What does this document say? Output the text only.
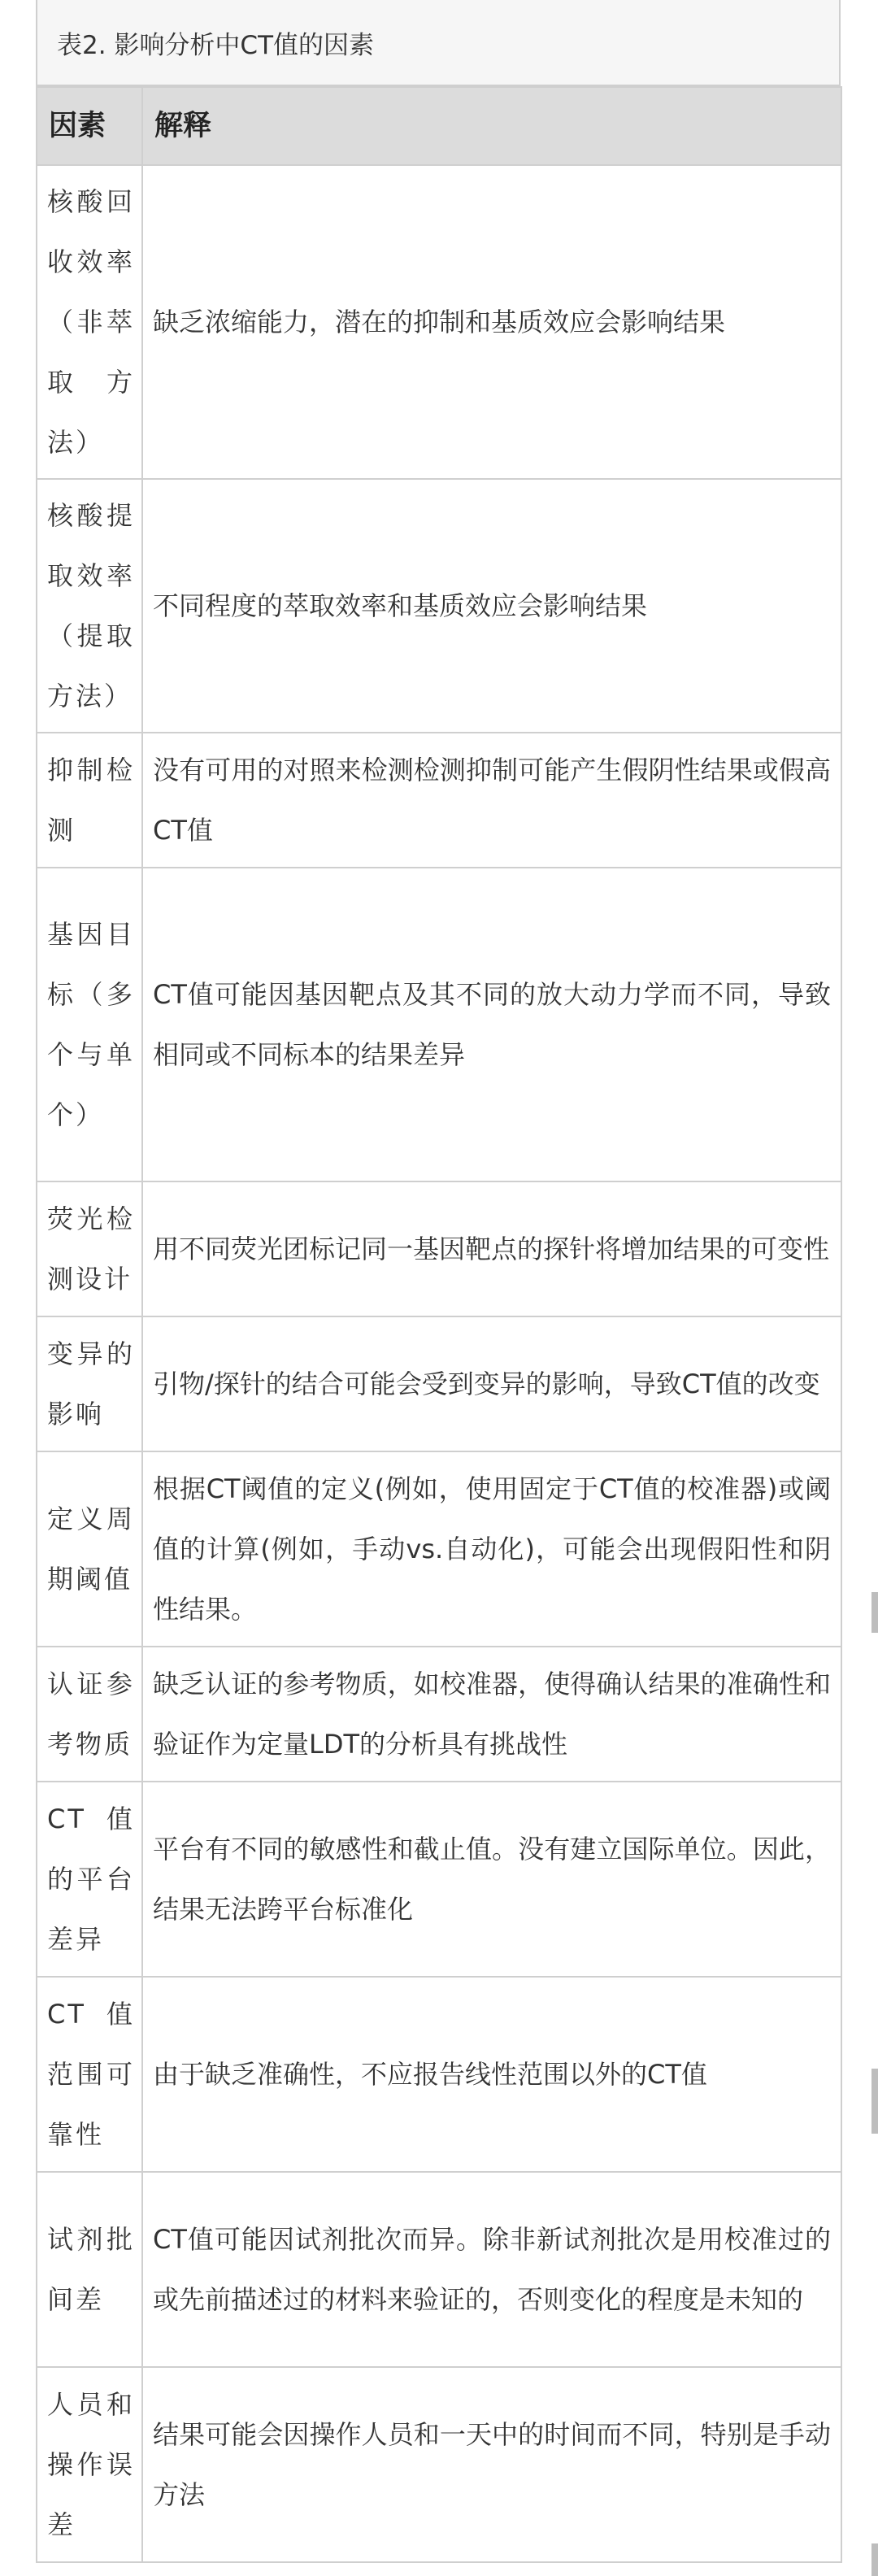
表2. 影响分析中CT值的因素
因素	解释
核酸回收效率（非萃取方法）	缺乏浓缩能力，潜在的抑制和基质效应会影响结果
核酸提取效率（提取方法）	不同程度的萃取效率和基质效应会影响结果
抑制检测	没有可用的对照来检测检测抑制可能产生假阴性结果或假高CT值
基因目标（多个与单个）	CT值可能因基因靶点及其不同的放大动力学而不同，导致相同或不同标本的结果差异
荧光检测设计	用不同荧光团标记同一基因靶点的探针将增加结果的可变性
变异的影响	引物/探针的结合可能会受到变异的影响，导致CT值的改变
定义周期阈值	根据CT阈值的定义(例如，使用固定于CT值的校准器)或阈值的计算(例如，手动vs.自动化)，可能会出现假阳性和阴性结果。
认证参考物质	缺乏认证的参考物质，如校准器，使得确认结果的准确性和验证作为定量LDT的分析具有挑战性
CT 值的平台差异	平台有不同的敏感性和截止值。没有建立国际单位。因此，结果无法跨平台标准化
CT 值范围可靠性	由于缺乏准确性，不应报告线性范围以外的CT值
试剂批间差	CT值可能因试剂批次而异。除非新试剂批次是用校准过的或先前描述过的材料来验证的，否则变化的程度是未知的
人员和操作误差	结果可能会因操作人员和一天中的时间而不同，特别是手动方法
